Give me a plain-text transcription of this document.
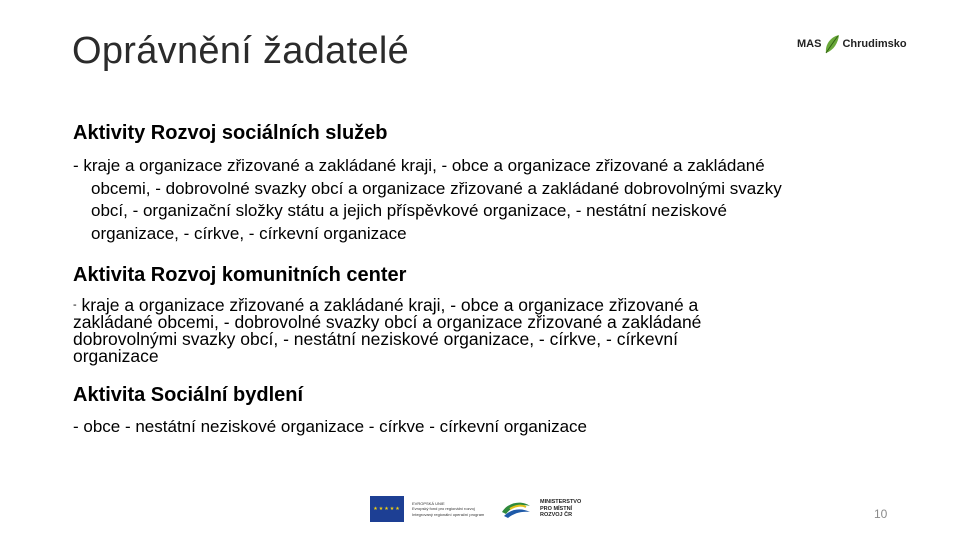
Oprávnění žadatelé	MAS Chrudimsko
Aktivity Rozvoj sociálních služeb
- kraje a organizace zřizované a zakládané kraji, - obce a organizace zřizované a zakládané
obcemi, - dobrovolné svazky obcí a organizace zřizované a zakládané dobrovolnými svazky
obcí, - organizační složky státu a jejich příspěvkové organizace, - nestátní neziskové
organizace, - církve, - církevní organizace
Aktivita Rozvoj komunitních center
- kraje a organizace zřizované a zakládané kraji, - obce a organizace zřizované a
zakládané obcemi, - dobrovolné svazky obcí a organizace zřizované a zakládané
dobrovolnými svazky obcí, - nestátní neziskové organizace, - církve, - církevní
organizace
Aktivita Sociální bydlení
- obce - nestátní neziskové organizace - církve - církevní organizace
★★★★★
EVROPSKÁ UNIE
Evropský fond pro regionální rozvoj
Integrovaný regionální operační program
MINISTERSTVO
PRO MÍSTNÍ
ROZVOJ ČR	10
